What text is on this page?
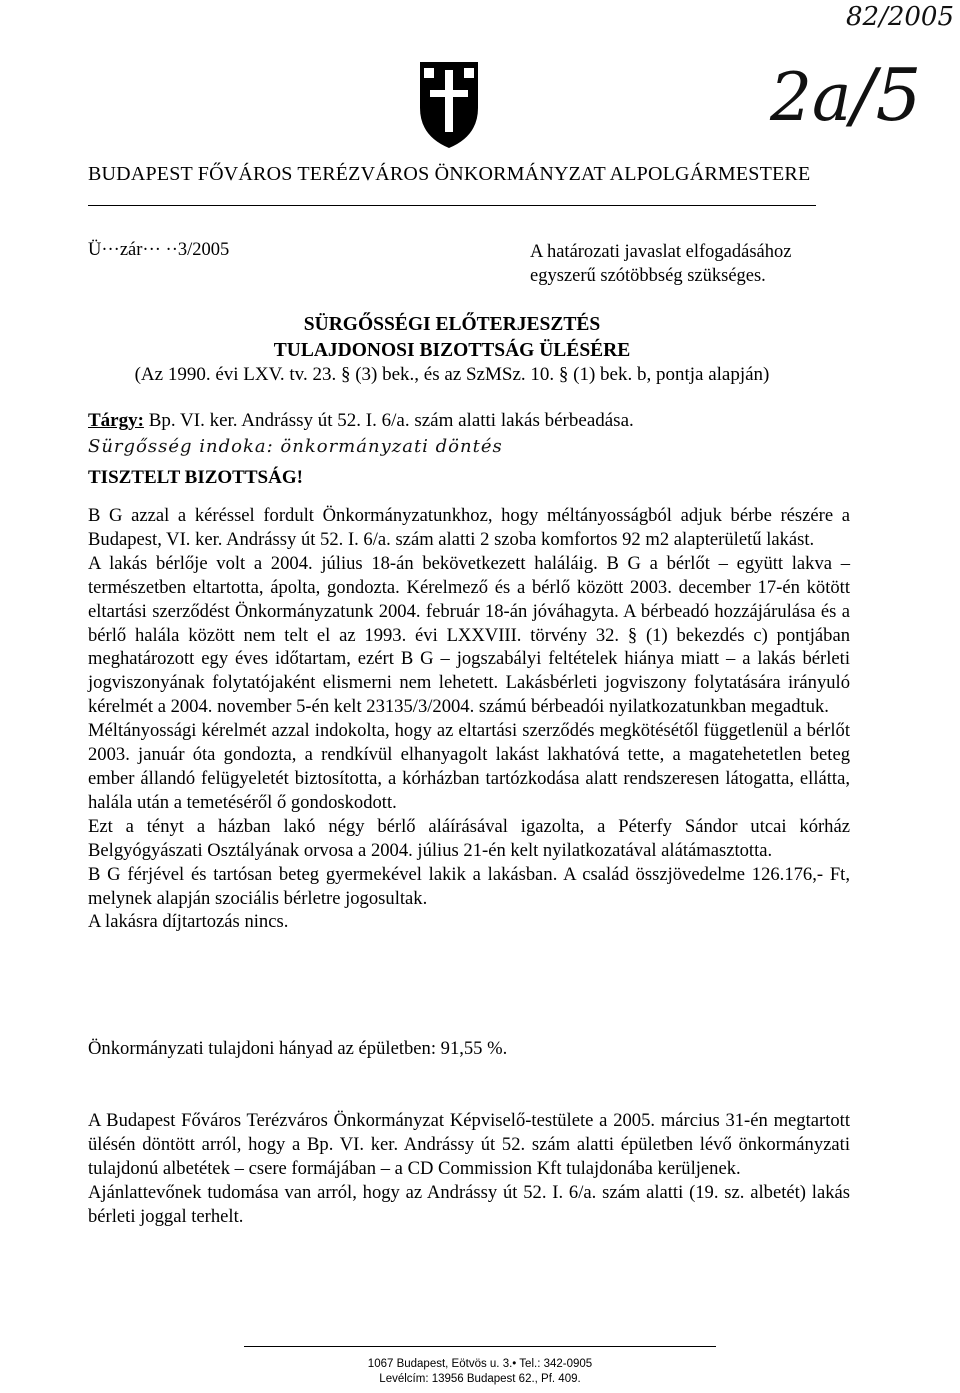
82/2005
2a/5
BUDAPEST FŐVÁROS TERÉZVÁROS ÖNKORMÁNYZAT ALPOLGÁRMESTERE
Ü···zár··· ··3/2005	A határozati javaslat elfogadásához
egyszerű szótöbbség szükséges.
SÜRGŐSSÉGI ELŐTERJESZTÉS
TULAJDONOSI BIZOTTSÁG ÜLÉSÉRE
(Az 1990. évi LXV. tv. 23. § (3) bek., és az SzMSz. 10. § (1) bek. b, pontja alapján)
Tárgy: Bp. VI. ker. Andrássy út 52. I. 6/a. szám alatti lakás bérbeadása.
Sürgősség indoka: önkormányzati döntés
TISZTELT BIZOTTSÁG!

B G azzal a kéréssel fordult Önkormányzatunkhoz, hogy méltányosságból adjuk bérbe részére a Budapest, VI. ker. Andrássy út 52. I. 6/a. szám alatti 2 szoba komfortos 92 m2 alapterületű lakást.

A lakás bérlője volt a 2004. július 18-án bekövetkezett haláláig. B G a bérlőt – együtt lakva – természetben eltartotta, ápolta, gondozta. Kérelmező és a bérlő között 2003. december 17-én kötött eltartási szerződést Önkormányzatunk 2004. február 18-án jóváhagyta. A bérbeadó hozzájárulása és a bérlő halála között nem telt el az 1993. évi LXXVIII. törvény 32. § (1) bekezdés c) pontjában meghatározott egy éves időtartam, ezért B G – jogszabályi feltételek hiánya miatt – a lakás bérleti jogviszonyának folytatójaként elismerni nem lehetett. Lakásbérleti jogviszony folytatására irányuló kérelmét a 2004. november 5-én kelt 23135/3/2004. számú bérbeadói nyilatkozatunkban megadtuk.

Méltányossági kérelmét azzal indokolta, hogy az eltartási szerződés megkötésétől függetlenül a bérlőt 2003. január óta gondozta, a rendkívül elhanyagolt lakást lakhatóvá tette, a magatehetetlen beteg ember állandó felügyeletét biztosította, a kórházban tartózkodása alatt rendszeresen látogatta, ellátta, halála után a temetéséről ő gondoskodott.

Ezt a tényt a házban lakó négy bérlő aláírásával igazolta, a Péterfy Sándor utcai kórház Belgyógyászati Osztályának orvosa a 2004. július 21-én kelt nyilatkozatával alátámasztotta.

B G férjével és tartósan beteg gyermekével lakik a lakásban. A család összjövedelme 126.176,- Ft, melynek alapján szociális bérletre jogosultak.

A lakásra díjtartozás nincs.

Önkormányzati tulajdoni hányad az épületben: 91,55 %.

A Budapest Főváros Terézváros Önkormányzat Képviselő-testülete a 2005. március 31-én megtartott ülésén döntött arról, hogy a Bp. VI. ker. Andrássy út 52. szám alatti épületben lévő önkormányzati tulajdonú albetétek – csere formájában – a CD Commission Kft tulajdonába kerüljenek.

Ajánlattevőnek tudomása van arról, hogy az Andrássy út 52. I. 6/a. szám alatti (19. sz. albetét) lakás bérleti joggal terhelt.

1067 Budapest, Eötvös u. 3.• Tel.: 342-0905
Levélcím: 13956 Budapest 62., Pf. 409.
